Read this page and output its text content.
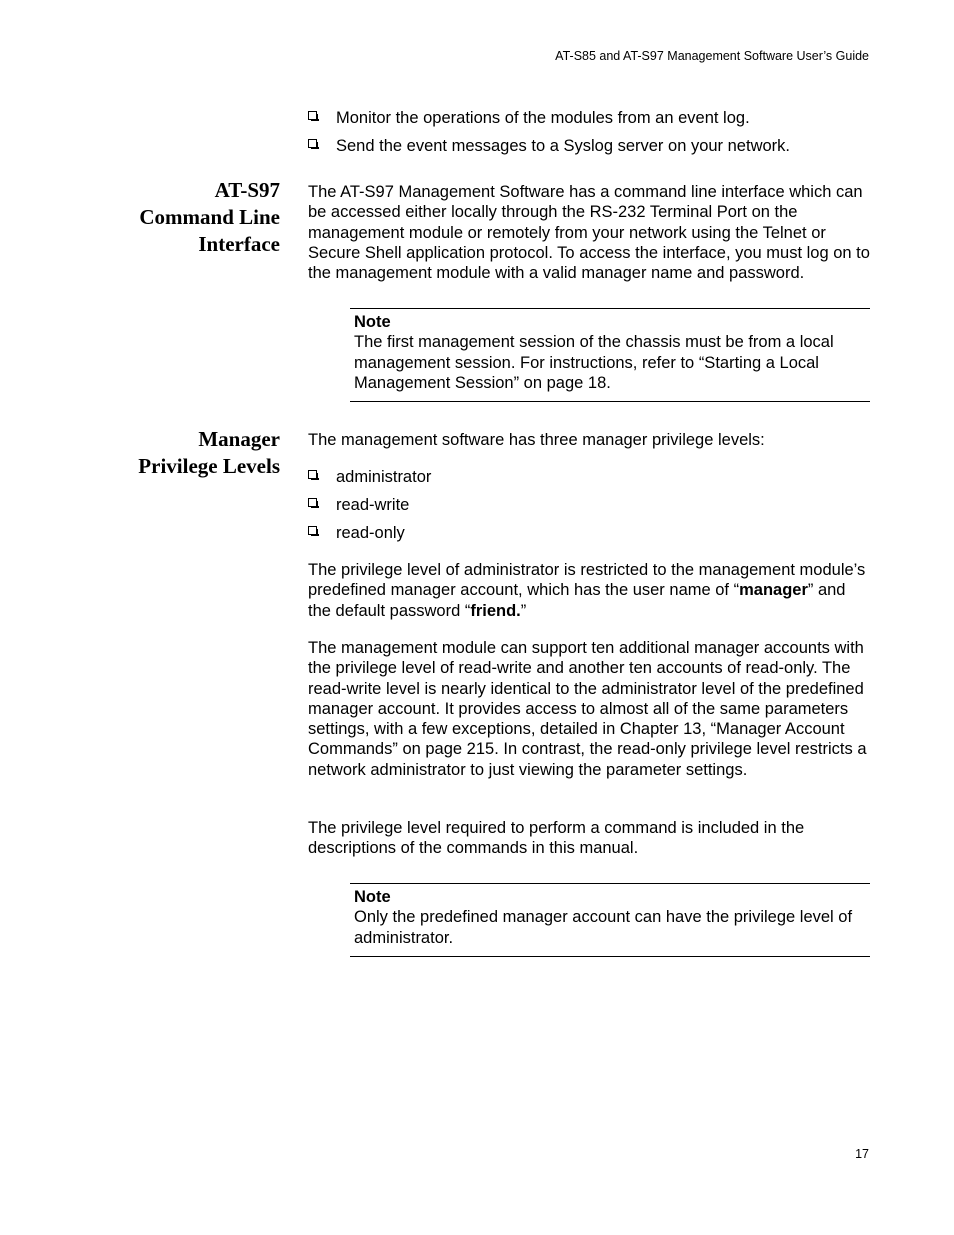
AT-S85 and AT-S97 Management Software User’s Guide
Monitor the operations of the modules from an event log.
Send the event messages to a Syslog server on your network.
AT-S97
Command Line
Interface

The AT-S97 Management Software has a command line interface which can be accessed either locally through the RS-232 Terminal Port on the management module or remotely from your network using the Telnet or Secure Shell application protocol. To access the interface, you must log on to the management module with a valid manager name and password.

Note
The first management session of the chassis must be from a local management session. For instructions, refer to “Starting a Local Management Session” on page 18.
Manager
Privilege Levels

The management software has three manager privilege levels:

administrator
read-write
read-only

The privilege level of administrator is restricted to the management module’s predefined manager account, which has the user name of “manager” and the default password “friend.”

The management module can support ten additional manager accounts with the privilege level of read-write and another ten accounts of read-only. The read-write level is nearly identical to the administrator level of the predefined manager account. It provides access to almost all of the same parameters settings, with a few exceptions, detailed in Chapter 13, “Manager Account Commands” on page 215. In contrast, the read-only privilege level restricts a network administrator to just viewing the parameter settings.

The privilege level required to perform a command is included in the descriptions of the commands in this manual.

Note
Only the predefined manager account can have the privilege level of administrator.
17
